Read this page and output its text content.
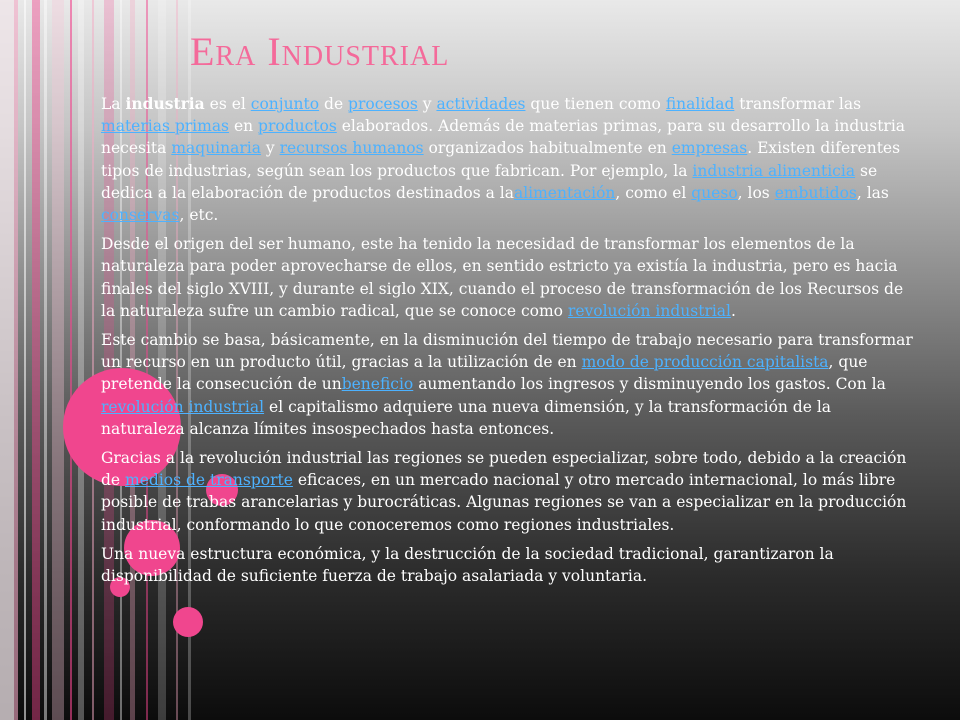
Era Industrial

La industria es el conjunto de procesos y actividades que tienen como finalidad transformar las materias primas en productos elaborados. Además de materias primas, para su desarrollo la industria necesita maquinaria y recursos humanos organizados habitualmente en empresas. Existen diferentes tipos de industrias, según sean los productos que fabrican. Por ejemplo, la industria alimenticia se dedica a la elaboración de productos destinados a laalimentación, como el queso, los embutidos, las conservas, etc.

Desde el origen del ser humano, este ha tenido la necesidad de transformar los elementos de la naturaleza para poder aprovecharse de ellos, en sentido estricto ya existía la industria, pero es hacia finales del siglo XVIII, y durante el siglo XIX, cuando el proceso de transformación de los Recursos de la naturaleza sufre un cambio radical, que se conoce como revolución industrial.

Este cambio se basa, básicamente, en la disminución del tiempo de trabajo necesario para transformar un recurso en un producto útil, gracias a la utilización de en modo de producción capitalista, que pretende la consecución de unbeneficio aumentando los ingresos y disminuyendo los gastos. Con la revolución industrial el capitalismo adquiere una nueva dimensión, y la transformación de la naturaleza alcanza límites insospechados hasta entonces.

Gracias a la revolución industrial las regiones se pueden especializar, sobre todo, debido a la creación de medios de transporte eficaces, en un mercado nacional y otro mercado internacional, lo más libre posible de trabas arancelarias y burocráticas. Algunas regiones se van a especializar en la producción industrial, conformando lo que conoceremos como regiones industriales.

Una nueva estructura económica, y la destrucción de la sociedad tradicional, garantizaron la disponibilidad de suficiente fuerza de trabajo asalariada y voluntaria.
